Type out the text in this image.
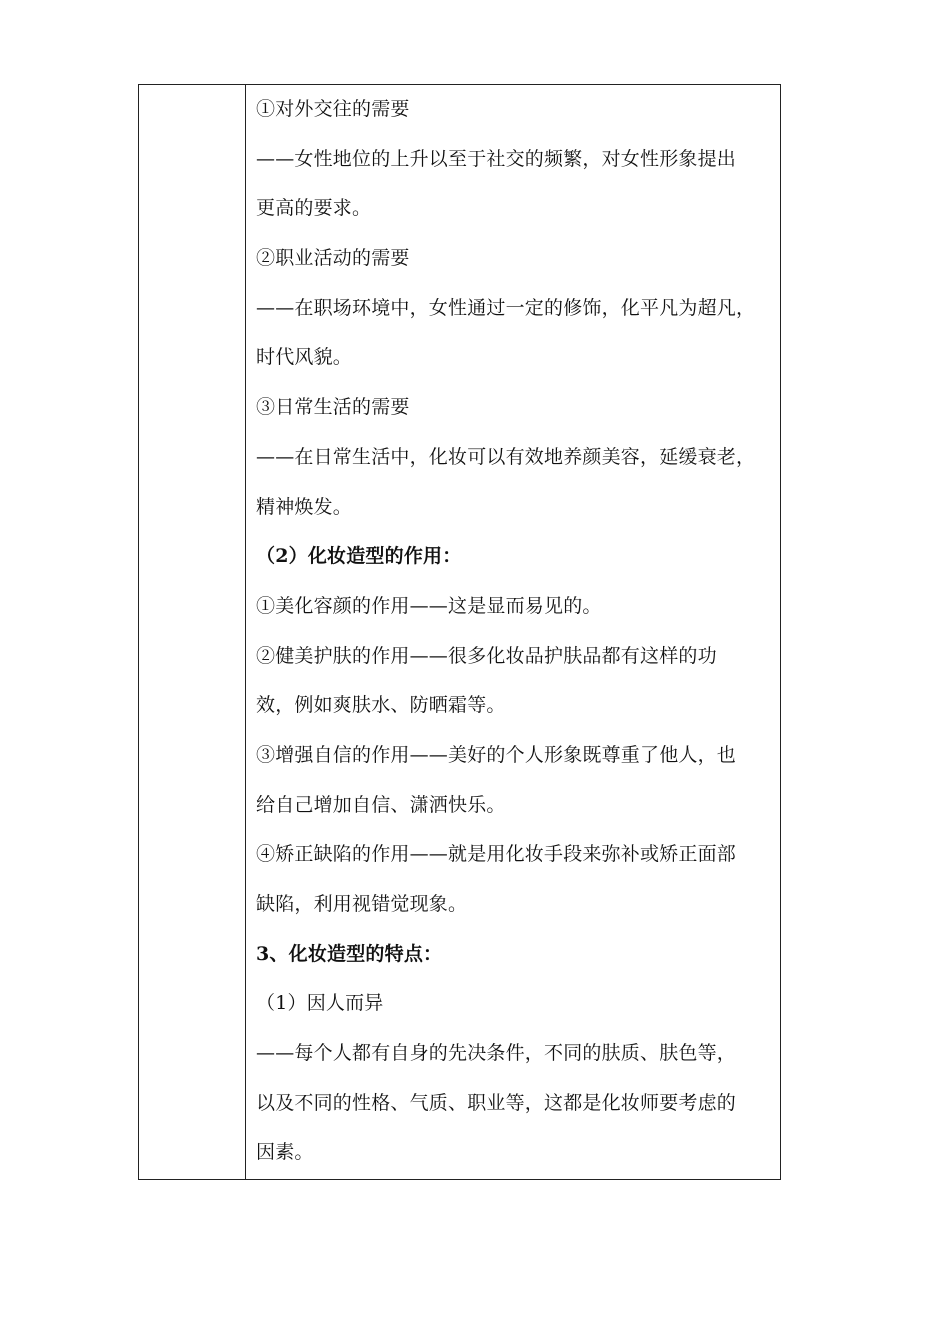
①对外交往的需要
——女性地位的上升以至于社交的频繁，对女性形象提出
更高的要求。
②职业活动的需要
——在职场环境中，女性通过一定的修饰，化平凡为超凡，
时代风貌。
③日常生活的需要
——在日常生活中，化妆可以有效地养颜美容，延缓衰老，
精神焕发。
（2）化妆造型的作用：
①美化容颜的作用——这是显而易见的。
②健美护肤的作用——很多化妆品护肤品都有这样的功
效，例如爽肤水、防晒霜等。
③增强自信的作用——美好的个人形象既尊重了他人，也
给自己增加自信、潇洒快乐。
④矫正缺陷的作用——就是用化妆手段来弥补或矫正面部
缺陷，利用视错觉现象。
3、化妆造型的特点：
（1）因人而异
——每个人都有自身的先决条件，不同的肤质、肤色等，
以及不同的性格、气质、职业等，这都是化妆师要考虑的
因素。
